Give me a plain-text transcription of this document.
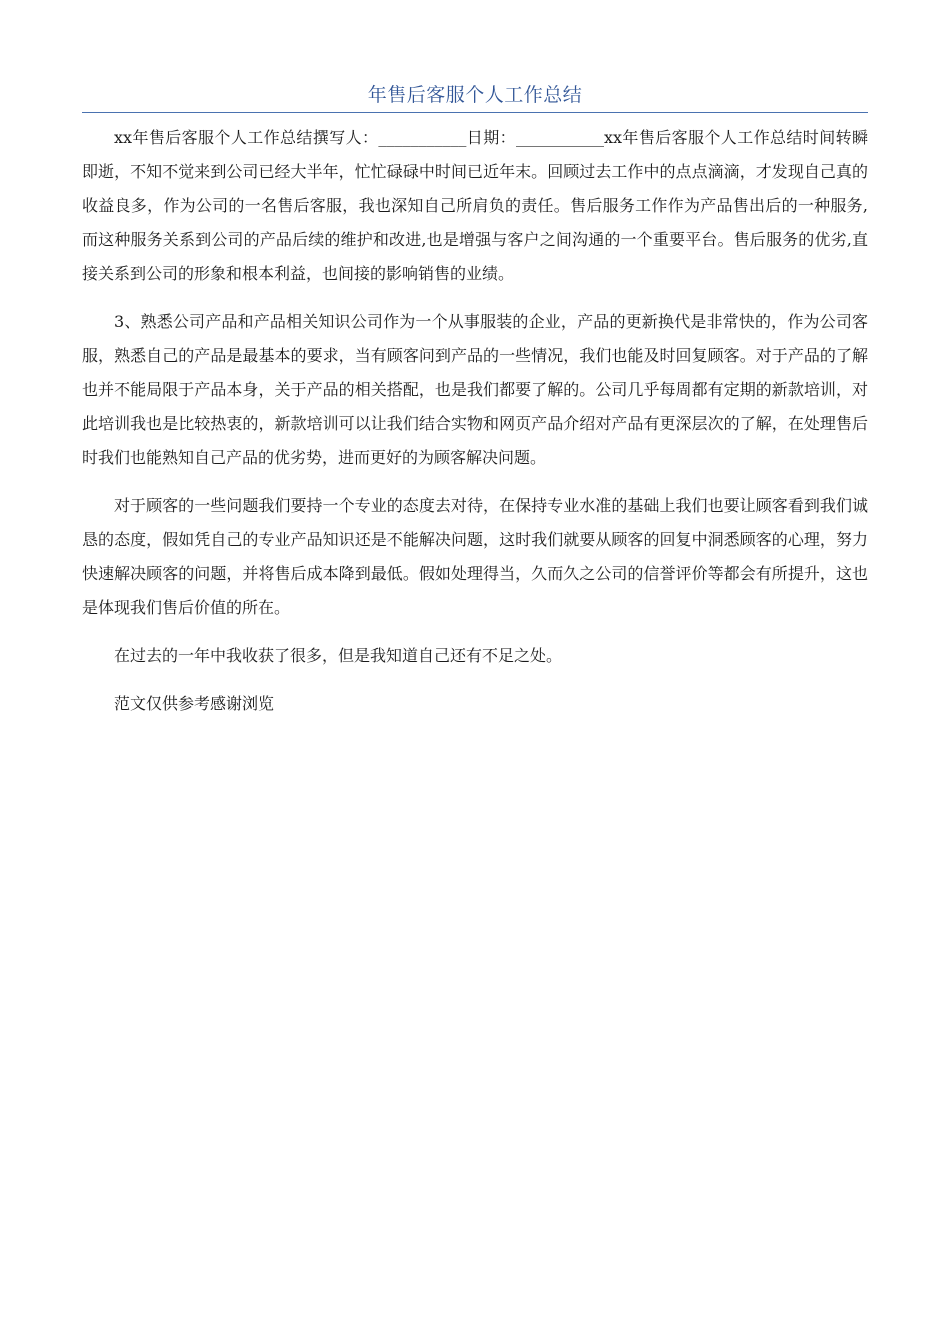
年售后客服个人工作总结

xx年售后客服个人工作总结撰写人：___________日期：___________xx年售后客服个人工作总结时间转瞬即逝，不知不觉来到公司已经大半年，忙忙碌碌中时间已近年末。回顾过去工作中的点点滴滴，才发现自己真的收益良多，作为公司的一名售后客服，我也深知自己所肩负的责任。售后服务工作作为产品售出后的一种服务,而这种服务关系到公司的产品后续的维护和改进,也是增强与客户之间沟通的一个重要平台。售后服务的优劣,直接关系到公司的形象和根本利益，也间接的影响销售的业绩。

3、熟悉公司产品和产品相关知识公司作为一个从事服装的企业，产品的更新换代是非常快的，作为公司客服，熟悉自己的产品是最基本的要求，当有顾客问到产品的一些情况，我们也能及时回复顾客。对于产品的了解也并不能局限于产品本身，关于产品的相关搭配，也是我们都要了解的。公司几乎每周都有定期的新款培训，对此培训我也是比较热衷的，新款培训可以让我们结合实物和网页产品介绍对产品有更深层次的了解，在处理售后时我们也能熟知自己产品的优劣势，进而更好的为顾客解决问题。

对于顾客的一些问题我们要持一个专业的态度去对待，在保持专业水准的基础上我们也要让顾客看到我们诚恳的态度，假如凭自己的专业产品知识还是不能解决问题，这时我们就要从顾客的回复中洞悉顾客的心理，努力快速解决顾客的问题，并将售后成本降到最低。假如处理得当，久而久之公司的信誉评价等都会有所提升，这也是体现我们售后价值的所在。

在过去的一年中我收获了很多，但是我知道自己还有不足之处。

范文仅供参考感谢浏览
